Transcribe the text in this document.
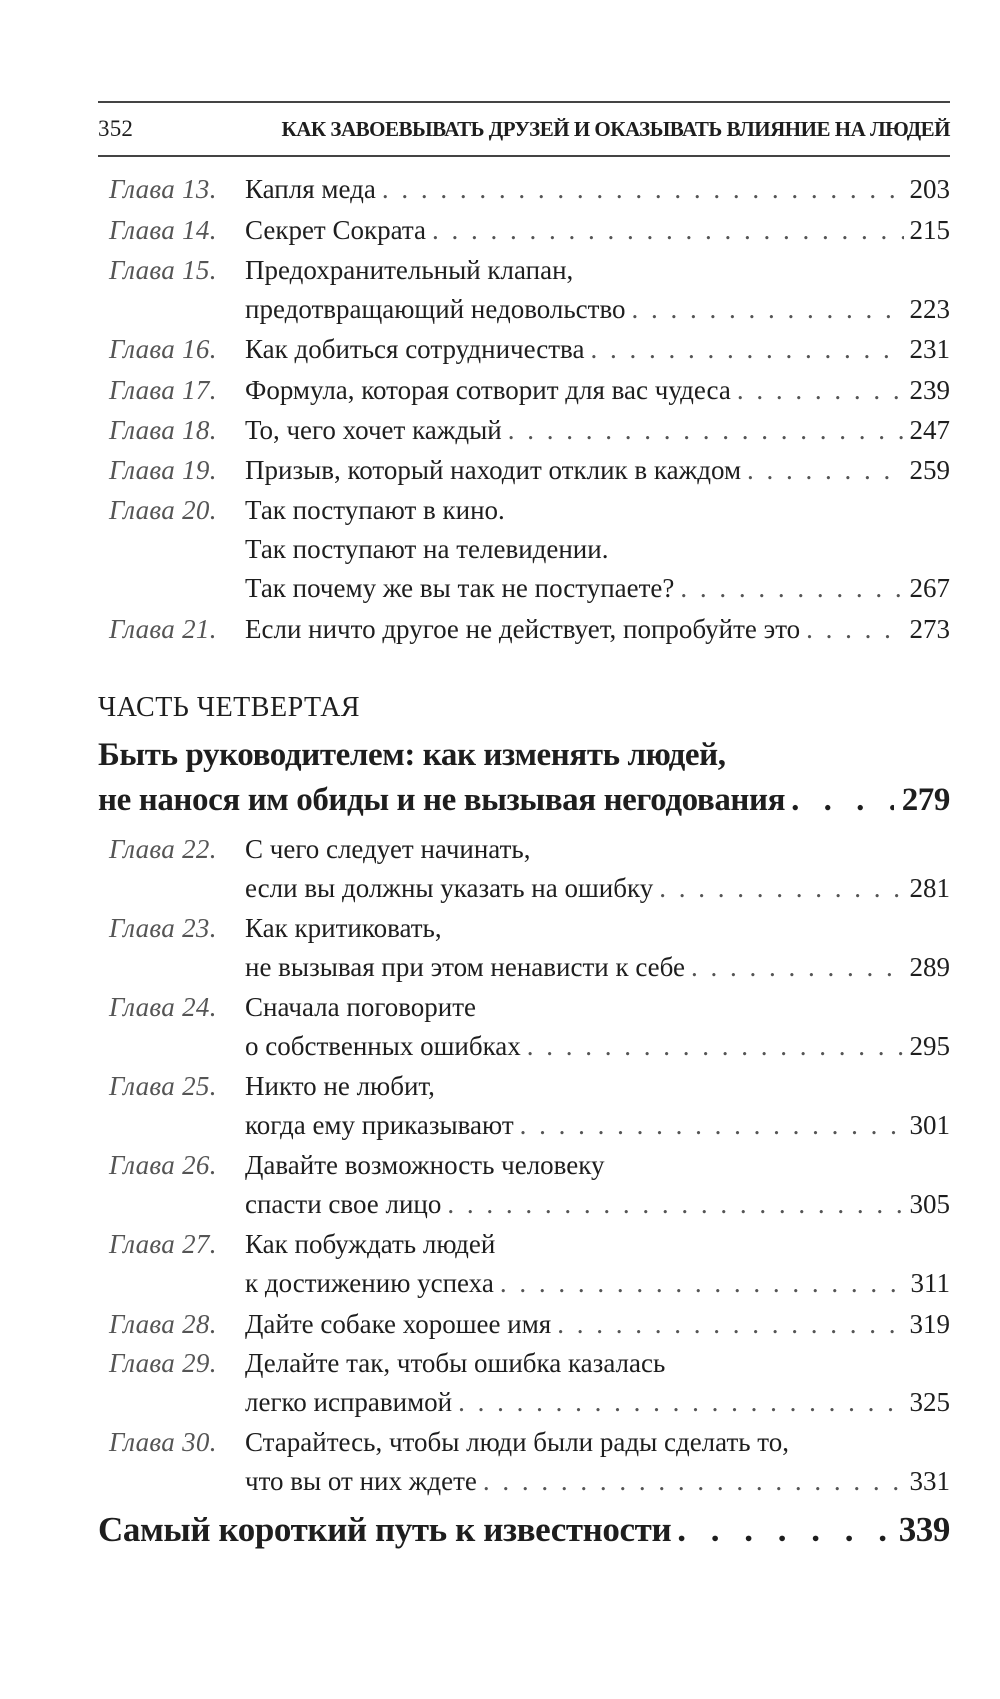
352	КАК ЗАВОЕВЫВАТЬ ДРУЗЕЙ И ОКАЗЫВАТЬ ВЛИЯНИЕ НА ЛЮДЕЙ
Глава 13. Капля меда . . .	203
Глава 14. Секрет Сократа . . .	215
Глава 15. Предохранительный клапан,
предотвращающий недовольство . . .	223
Глава 16. Как добиться сотрудничества . . .	231
Глава 17. Формула, которая сотворит для вас чудеса . . .	239
Глава 18. То, чего хочет каждый . . .	247
Глава 19. Призыв, который находит отклик в каждом . . .	259
Глава 20. Так поступают в кино.
Так поступают на телевидении.
Так почему же вы так не поступаете? . . .	267
Глава 21. Если ничто другое не действует, попробуйте это . . .	273
ЧАСТЬ ЧЕТВЕРТАЯ
Быть руководителем: как изменять людей,
не нанося им обиды и не вызывая негодования . . .	279
Глава 22. С чего следует начинать,
если вы должны указать на ошибку . . .	281
Глава 23. Как критиковать,
не вызывая при этом ненависти к себе . . .	289
Глава 24. Сначала поговорите
о собственных ошибках . . .	295
Глава 25. Никто не любит,
когда ему приказывают . . .	301
Глава 26. Давайте возможность человеку
спасти свое лицо . . .	305
Глава 27. Как побуждать людей
к достижению успеха . . .	311
Глава 28. Дайте собаке хорошее имя . . .	319
Глава 29. Делайте так, чтобы ошибка казалась
легко исправимой . . .	325
Глава 30. Старайтесь, чтобы люди были рады сделать то,
что вы от них ждете . . .	331
Самый короткий путь к известности . . .	339
